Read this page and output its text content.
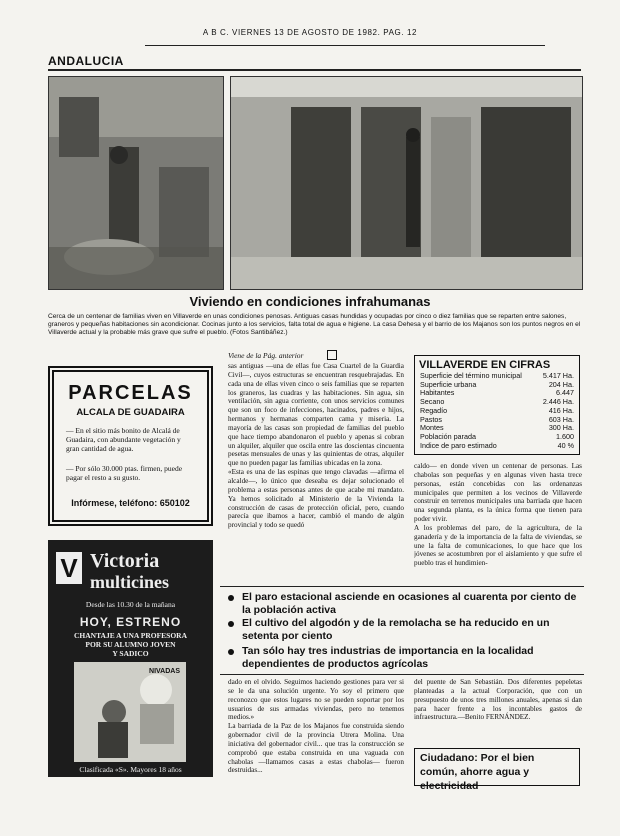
A B C. VIERNES 13 DE AGOSTO DE 1982. PAG. 12
ANDALUCIA
Viviendo en condiciones infrahumanas
Cerca de un centenar de familias viven en Villaverde en unas condiciones penosas. Antiguas casas hundidas y ocupadas por cinco o diez familias que se reparten entre salones, graneros y pequeñas habitaciones sin acondicionar. Cocinas junto a los servicios, falta total de agua e higiene. La casa Dehesa y el barrio de los Majanos son los puntos negros en el Villaverde actual y la probable más grave que sufre el pueblo. (Fotos Santibáñez.)
PARCELAS
ALCALA DE GUADAIRA
— En el sitio más bonito de Alcalá de Guadaira, con abundante vegetación y gran cantidad de agua.
— Por sólo 30.000 ptas. firmen, puede pagar el resto a su gusto.
Infórmese, teléfono: 650102
V Victoria
multicines
Desde las 10.30 de la mañana
HOY, ESTRENO
CHANTAJE A UNA PROFESORA
POR SU ALUMNO JOVEN
Y SADICO
NIVADAS
Clasificada «S». Mayores 18 años
Viene de la Pág. anterior
sas antiguas —una de ellas fue Casa Cuartel de la Guardia Civil—, cuyos estructuras se encuentran resquebrajadas. En cada una de ellas viven cinco o seis familias que se reparten los graneros, las cuadras y las habitaciones. Sin agua, sin ventilación, sin agua corriente, con unos servicios comunes que son un foco de infecciones, hacinados, padres e hijos, hermanos y hermanas comparten cama y miseria. La mayoría de las casas son propiedad de familias del pueblo que hace tiempo abandonaron el pueblo y apenas si cobran un alquiler, alquiler que oscila entre las doscientas cincuenta pesetas mensuales de unas y las quinientas de otras, alquiler que no pueden pagar las familias ubicadas en la zona.
«Esta es una de las espinas que tengo clavadas —afirma el alcalde—, lo único que deseaba es dejar solucionado el problema a estas personas antes de que acabe mi mandato. Ya hemos solicitado al Ministerio de la Vivienda la construcción de casas de protección oficial, pero, cuando parecía que ibamos a hacer, cambió el mando de algún provincial y todo se quedó
VILLAVERDE EN CIFRAS
Superficie del término municipal	5.417 Ha.
Superficie urbana	204 Ha.
Habitantes	6.447
Secano	2.446 Ha.
Regadío	416 Ha.
Pastos	603 Ha.
Montes	300 Ha.
Población parada	1.600
Indice de paro estimado	40 %
caldo— en donde viven un centenar de personas. Las chabolas son pequeñas y en algunas viven hasta trece personas, están concebidas con las ordenanzas municipales que permiten a los vecinos de Villaverde construir en terrenos municipales una barriada que hacen una segunda planta, es la única forma que tienen para poder vivir.
A los problemas del paro, de la agricultura, de la ganadería y de la importancia de la falta de viviendas, se une la falta de comunicaciones, lo que hace que los jóvenes se acostumbren por el aislamiento y que sufre el pueblo tras el hundimien-
El paro estacional asciende en ocasiones al cuarenta por ciento de la población activa
El cultivo del algodón y de la remolacha se ha reducido en un setenta por ciento
Tan sólo hay tres industrias de importancia en la localidad dependientes de productos agrícolas
dado en el olvido. Seguimos haciendo gestiones para ver si se le da una solución urgente. Yo soy el primero que reconozco que estos lugares no se pueden soportar por los usuarios de sus armadas viviendas, pero no tenemos medios.»
La barriada de la Paz de los Majanos fue construida siendo gobernador civil de la provincia Utrera Molina. Una iniciativa del gobernador civil... que tras la construcción se comprobó que estaba construida en una vaguada con chabolas —llamamos casas a estas chabolas— fueron destruidas...
del puente de San Sebastián. Dos diferentes pepeletas planteadas a la actual Corporación, que con un presupuesto de unos tres millones anuales, apenas si dan para hacer frente a los incontables gastos de infraestructura.—Benito FERNÁNDEZ.
Ciudadano: Por el bien común, ahorre agua y electricidad
